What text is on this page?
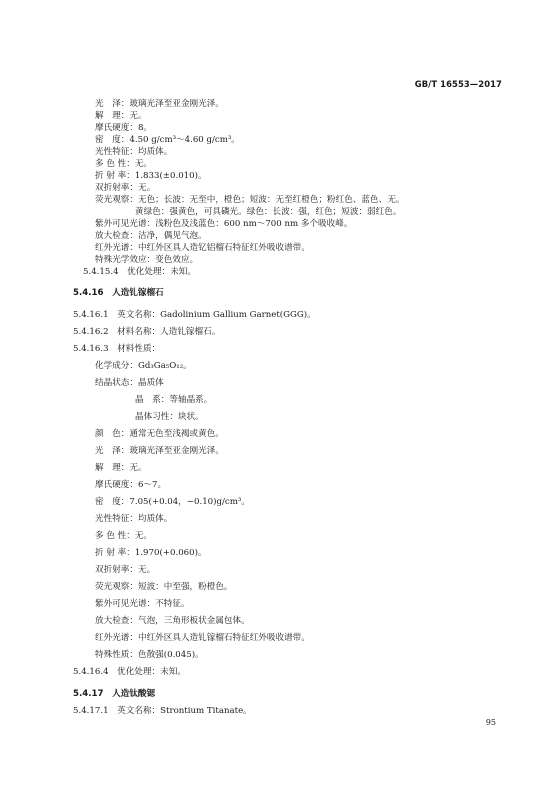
GB/T 16553—2017
光　泽：玻璃光泽至亚金刚光泽。
解　理：无。
摩氏硬度：8。
密　度：4.50 g/cm³～4.60 g/cm³。
光性特征：均质体。
多 色 性：无。
折 射 率：1.833(±0.010)。
双折射率：无。
荧光观察：无色；长波：无至中，橙色；短波：无至红橙色；粉红色、蓝色、无。
黄绿色：强黄色，可具磷光。绿色：长波：强，红色；短波：弱红色。
紫外可见光谱：浅粉色及浅蓝色：600 nm～700 nm 多个吸收峰。
放大检查：洁净，偶见气泡。
红外光谱：中红外区具人造钇铝榴石特征红外吸收谱带。
特殊光学效应：变色效应。
5.4.15.4　 优化处理：未知。
5.4.16　 人造钆镓榴石
5.4.16.1　 英文名称：Gadolinium Gallium Garnet(GGG)。
5.4.16.2　 材料名称：人造钆镓榴石。
5.4.16.3　 材料性质：
化学成分：Gd₃Ga₅O₁₂。
结晶状态：晶质体
晶　系：等轴晶系。
晶体习性：块状。
颜　色：通常无色至浅褐或黄色。
光　泽：玻璃光泽至亚金刚光泽。
解　理：无。
摩氏硬度：6～7。
密　度：7.05(+0.04，−0.10)g/cm³。
光性特征：均质体。
多 色 性：无。
折 射 率：1.970(+0.060)。
双折射率：无。
荧光观察：短波：中至强，粉橙色。
紫外可见光谱：不特征。
放大检查：气泡，三角形板状金属包体。
红外光谱：中红外区具人造钆镓榴石特征红外吸收谱带。
特殊性质：色散强(0.045)。
5.4.16.4　 优化处理：未知。
5.4.17　 人造钛酸锶
5.4.17.1　 英文名称：Strontium Titanate。
95
